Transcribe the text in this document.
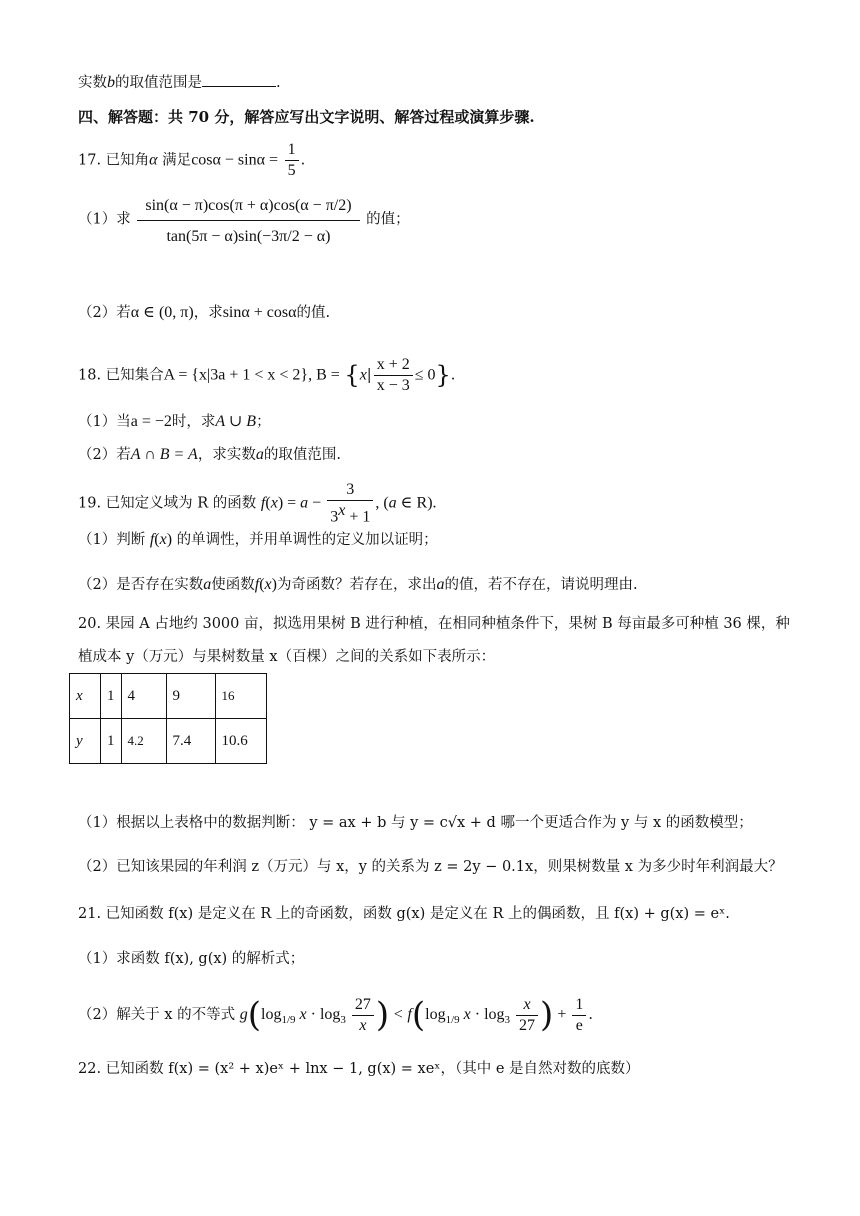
实数b的取值范围是	.
四、解答题：共 70 分，解答应写出文字说明、解答过程或演算步骤.
17. 已知角α 满足$\cos\alpha - \sin\alpha = \frac{1}{5}$ .
（1）求 $\frac{\sin(\alpha - \pi)\cos(\pi + \alpha)\cos(\alpha - \pi/2)}{\tan(5\pi - \alpha)\sin(-3\pi/2 - \alpha)}$ 的值；
（2）若α ∈ (0, π)，求sinα + cosα的值.
18. 已知集合A = {x|3a + 1 < x < 2}, $B = \{x| \frac{x + 2}{x - 3} \le 0\}$.
（1）当a = −2时，求A ∪ B；
（2）若A ∩ B = A，求实数a的取值范围.
19. 已知定义域为 R 的函数 $f(x) = a - \frac{3}{3^x + 1}$ , (a ∈ R).
（1）判断 f(x) 的单调性，并用单调性的定义加以证明；
（2）是否存在实数a使函数f(x)为奇函数？若存在，求出a的值，若不存在，请说明理由.
20. 果园 A 占地约 3000 亩，拟选用果树 B 进行种植，在相同种植条件下，果树 B 每亩最多可种植 36 棵，种
植成本 y（万元）与果树数量 x（百棵）之间的关系如下表所示：
x	1	4	9	16
y	1	4.2	7.4	10.6
（1）根据以上表格中的数据判断： y = ax + b 与 y = c√x + d 哪一个更适合作为 y 与 x 的函数模型；
（2）已知该果园的年利润 z（万元）与 x，y 的关系为 z = 2y − 0.1x，则果树数量 x 为多少时年利润最大？
21. 已知函数 f(x) 是定义在 R 上的奇函数，函数 g(x) 是定义在 R 上的偶函数，且 f(x) + g(x) = eˣ.
（1）求函数 f(x), g(x) 的解析式；
（2）解关于 x 的不等式 $g(\log_{1/9}$ $x \cdot \log_3 \frac{27}{x}$ ) < $f(\log_{1/9}$ $x \cdot \log_3 \frac{x}{27}$ ) + $\frac{1}{e}$ .
22. 已知函数 f(x) = (x² + x)eˣ + lnx − 1, g(x) = xeˣ，（其中 e 是自然对数的底数）
